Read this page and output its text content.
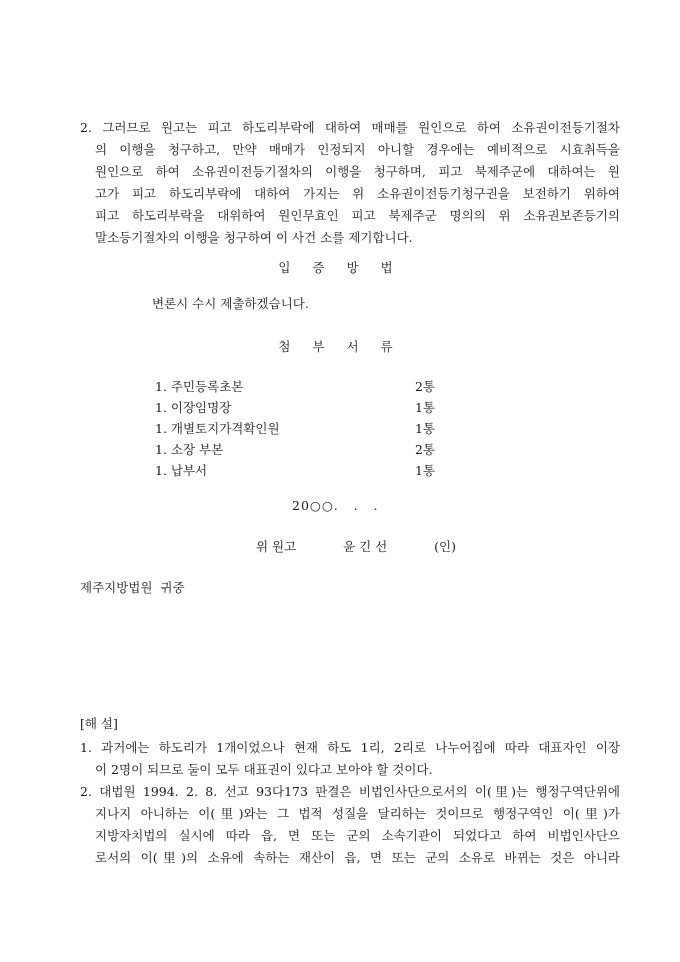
2. 그러므로 원고는 피고 하도리부락에 대하여 매매를 원인으로 하여 소유권이전등기절차
의 이행을 청구하고, 만약 매매가 인정되지 아니할 경우에는 예비적으로 시효취득을
원인으로 하여 소유권이전등기절차의 이행을 청구하며, 피고 북제주군에 대하여는 원
고가 피고 하도리부락에 대하여 가지는 위 소유권이전등기청구권을 보전하기 위하여
피고 하도리부락을 대위하여 원인무효인 피고 북제주군 명의의 위 소유권보존등기의
말소등기절차의 이행을 청구하여 이 사건 소를 제기합니다.
입 증 방 법
변론시 수시 제출하겠습니다.
첨 부 서 류
1. 주민등록초본	2통
1. 이장임명장	1통
1. 개별토지가격확인원	1통
1. 소장 부본	2통
1. 납부서	1통
20○○.   .   .
위 원고	윤 긴 선	(인)
제주지방법원  귀중
[해 설]
1. 과거에는 하도리가 1개이었으나 현재 하도 1리, 2리로 나누어짐에 따라 대표자인 이장
이 2명이 되므로 둘이 모두 대표권이 있다고 보아야 할 것이다.
2. 대법원 1994. 2. 8. 선고 93다173 판결은 비법인사단으로서의 이(里)는 행정구역단위에
지나지 아니하는 이(里)와는 그 법적 성질을 달리하는 것이므로 행정구역인 이(里)가
지방자치법의 실시에 따라 읍, 면 또는 군의 소속기관이 되었다고 하여 비법인사단으
로서의 이(里)의 소유에 속하는 재산이 읍, 면 또는 군의 소유로 바뀌는 것은 아니라
